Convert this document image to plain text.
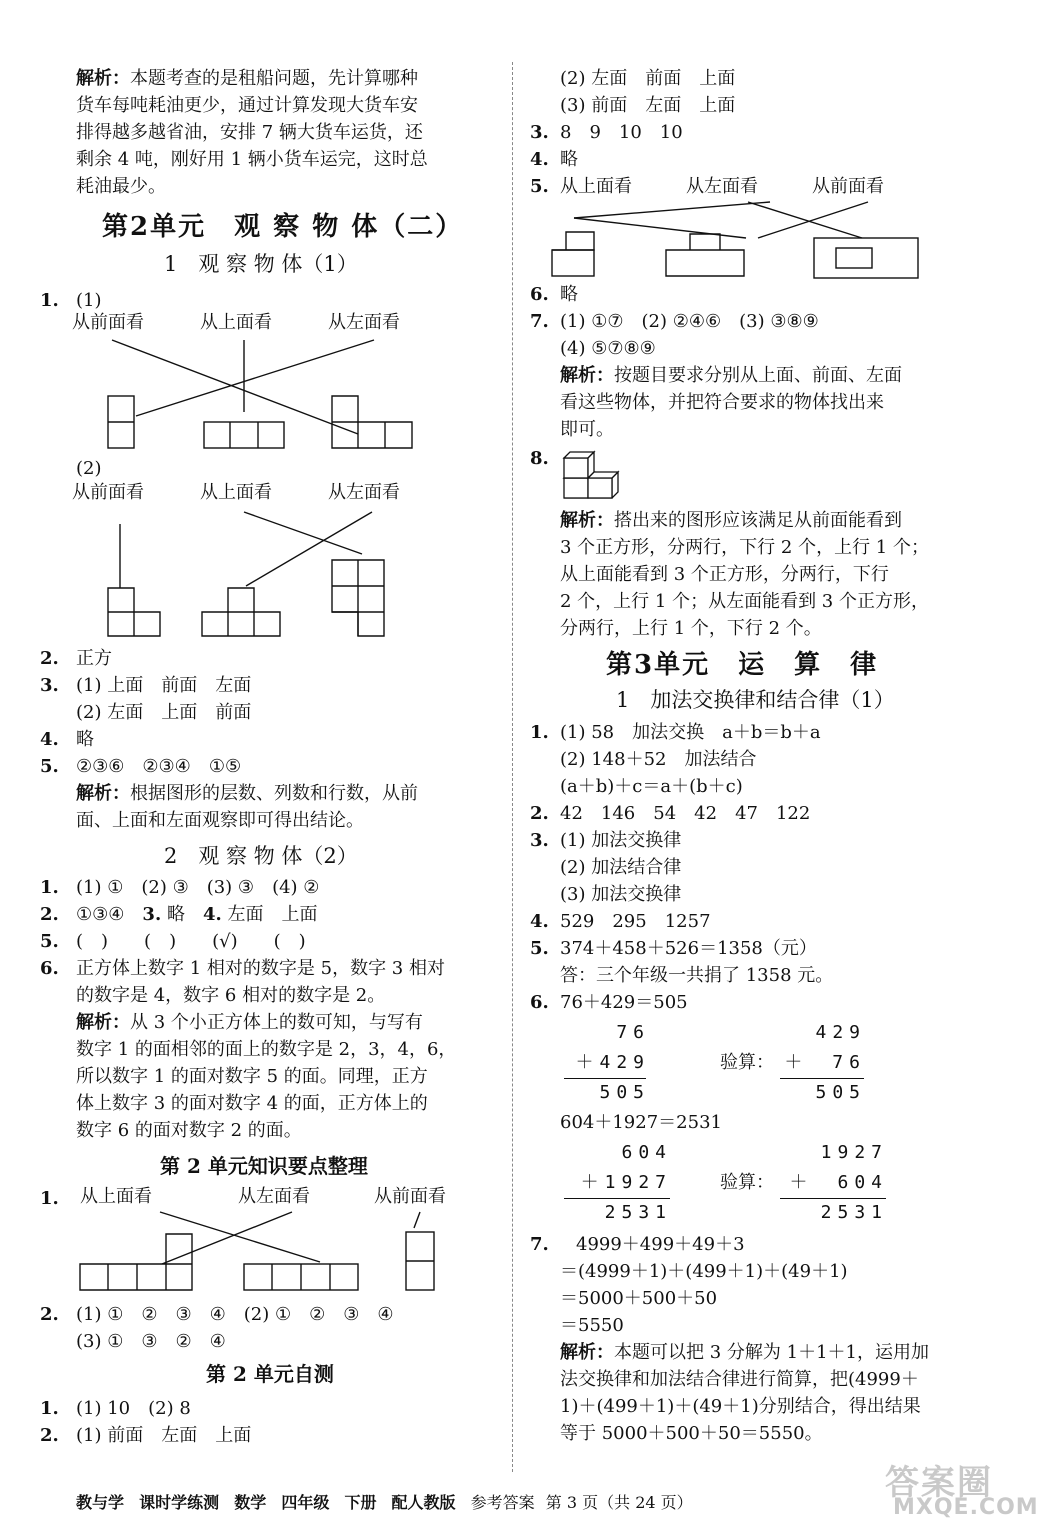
解析：本题考查的是租船问题，先计算哪种
货车每吨耗油更少，通过计算发现大货车安
排得越多越省油，安排 7 辆大货车运货，还
剩余 4 吨，刚好用 1 辆小货车运完，这时总
耗油最少。
第2单元　观 察 物 体（二）
1　观 察 物 体（1）
1. (1)
从前面看	从上面看	从左面看
(2)
从前面看	从上面看	从左面看
2. 正方
3. (1) 上面　前面　左面
(2) 左面　上面　前面
4. 略
5. ②③⑥　②③④　①⑤
解析：根据图形的层数、列数和行数，从前
面、上面和左面观察即可得出结论。
2　观 察 物 体（2）
1. (1) ①　(2) ③　(3) ③　(4) ②
2. ①③④　3. 略　4. 左面　上面
5. (　)　　(　)　　(√)　　(　)
6. 正方体上数字 1 相对的数字是 5，数字 3 相对
的数字是 4，数字 6 相对的数字是 2。
解析：从 3 个小正方体上的数可知，与写有
数字 1 的面相邻的面上的数字是 2，3，4，6，
所以数字 1 的面对数字 5 的面。同理，正方
体上数字 3 的面对数字 4 的面，正方体上的
数字 6 的面对数字 2 的面。
第 2 单元知识要点整理
1. 从上面看	从左面看	从前面看
2. (1) ①　②　③　④　(2) ①　②　③　④
(3) ①　③　②　④
第 2 单元自测
1. (1) 10　(2) 8
2. (1) 前面　左面　上面
(2) 左面　前面　上面
(3) 前面　左面　上面
3. 8　9　10　10
4. 略
5. 从上面看	从左面看	从前面看
6. 略
7. (1) ①⑦　(2) ②④⑥　(3) ③⑧⑨
(4) ⑤⑦⑧⑨
解析：按题目要求分别从上面、前面、左面
看这些物体，并把符合要求的物体找出来
即可。
8.
解析：搭出来的图形应该满足从前面能看到
3 个正方形，分两行，下行 2 个，上行 1 个；
从上面能看到 3 个正方形，分两行，下行
2 个，上行 1 个；从左面能看到 3 个正方形，
分两行，上行 1 个，下行 2 个。
第3单元　运　算　律
1　加法交换律和结合律（1）
1. (1) 58　加法交换　a＋b＝b＋a
(2) 148＋52　加法结合
(a＋b)＋c＝a＋(b＋c)
2. 42　146　54　42　47　122
3. (1) 加法交换律
(2) 加法结合律
(3) 加法交换律
4. 529　295　1257
5. 374＋458＋526＝1358（元）
答：三个年级一共捐了 1358 元。
6. 76＋429＝505
76
＋429
505
验算：
429
＋　76
505
604＋1927＝2531
604
＋1927
2531
验算：
1927
＋　604
2531
7. 4999＋499＋49＋3
＝(4999＋1)＋(499＋1)＋(49＋1)
＝5000＋500＋50
＝5550
解析：本题可以把 3 分解为 1＋1＋1，运用加
法交换律和加法结合律进行简算，把(4999＋
1)＋(499＋1)＋(49＋1)分别结合，得出结果
等于 5000＋500＋50＝5550。
教与学 课时学练测 数学 四年级 下册 配人教版 参考答案 第 3 页（共 24 页）	答案圈
MXQE.COM
